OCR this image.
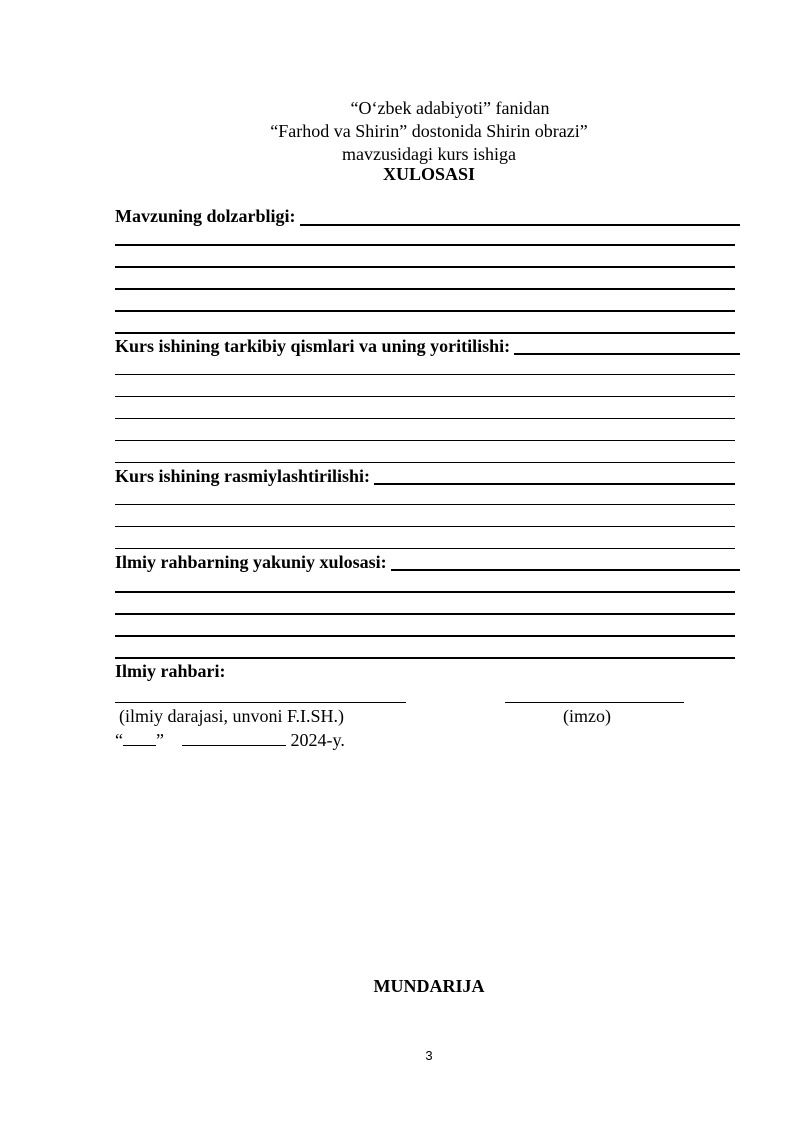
“O‘zbek adabiyoti” fanidan
“Farhod va Shirin” dostonida Shirin obrazi”
mavzusidagi kurs ishiga
XULOSASI
Mavzuning dolzarbligi:
Kurs ishining tarkibiy qismlari va uning yoritilishi:
Kurs ishining rasmiylashtirilishi:
Ilmiy rahbarning yakuniy xulosasi:
Ilmiy rahbari:
(ilmiy darajasi, unvoni F.I.SH.)	(imzo)
“ ”	2024-y.
MUNDARIJA
3
